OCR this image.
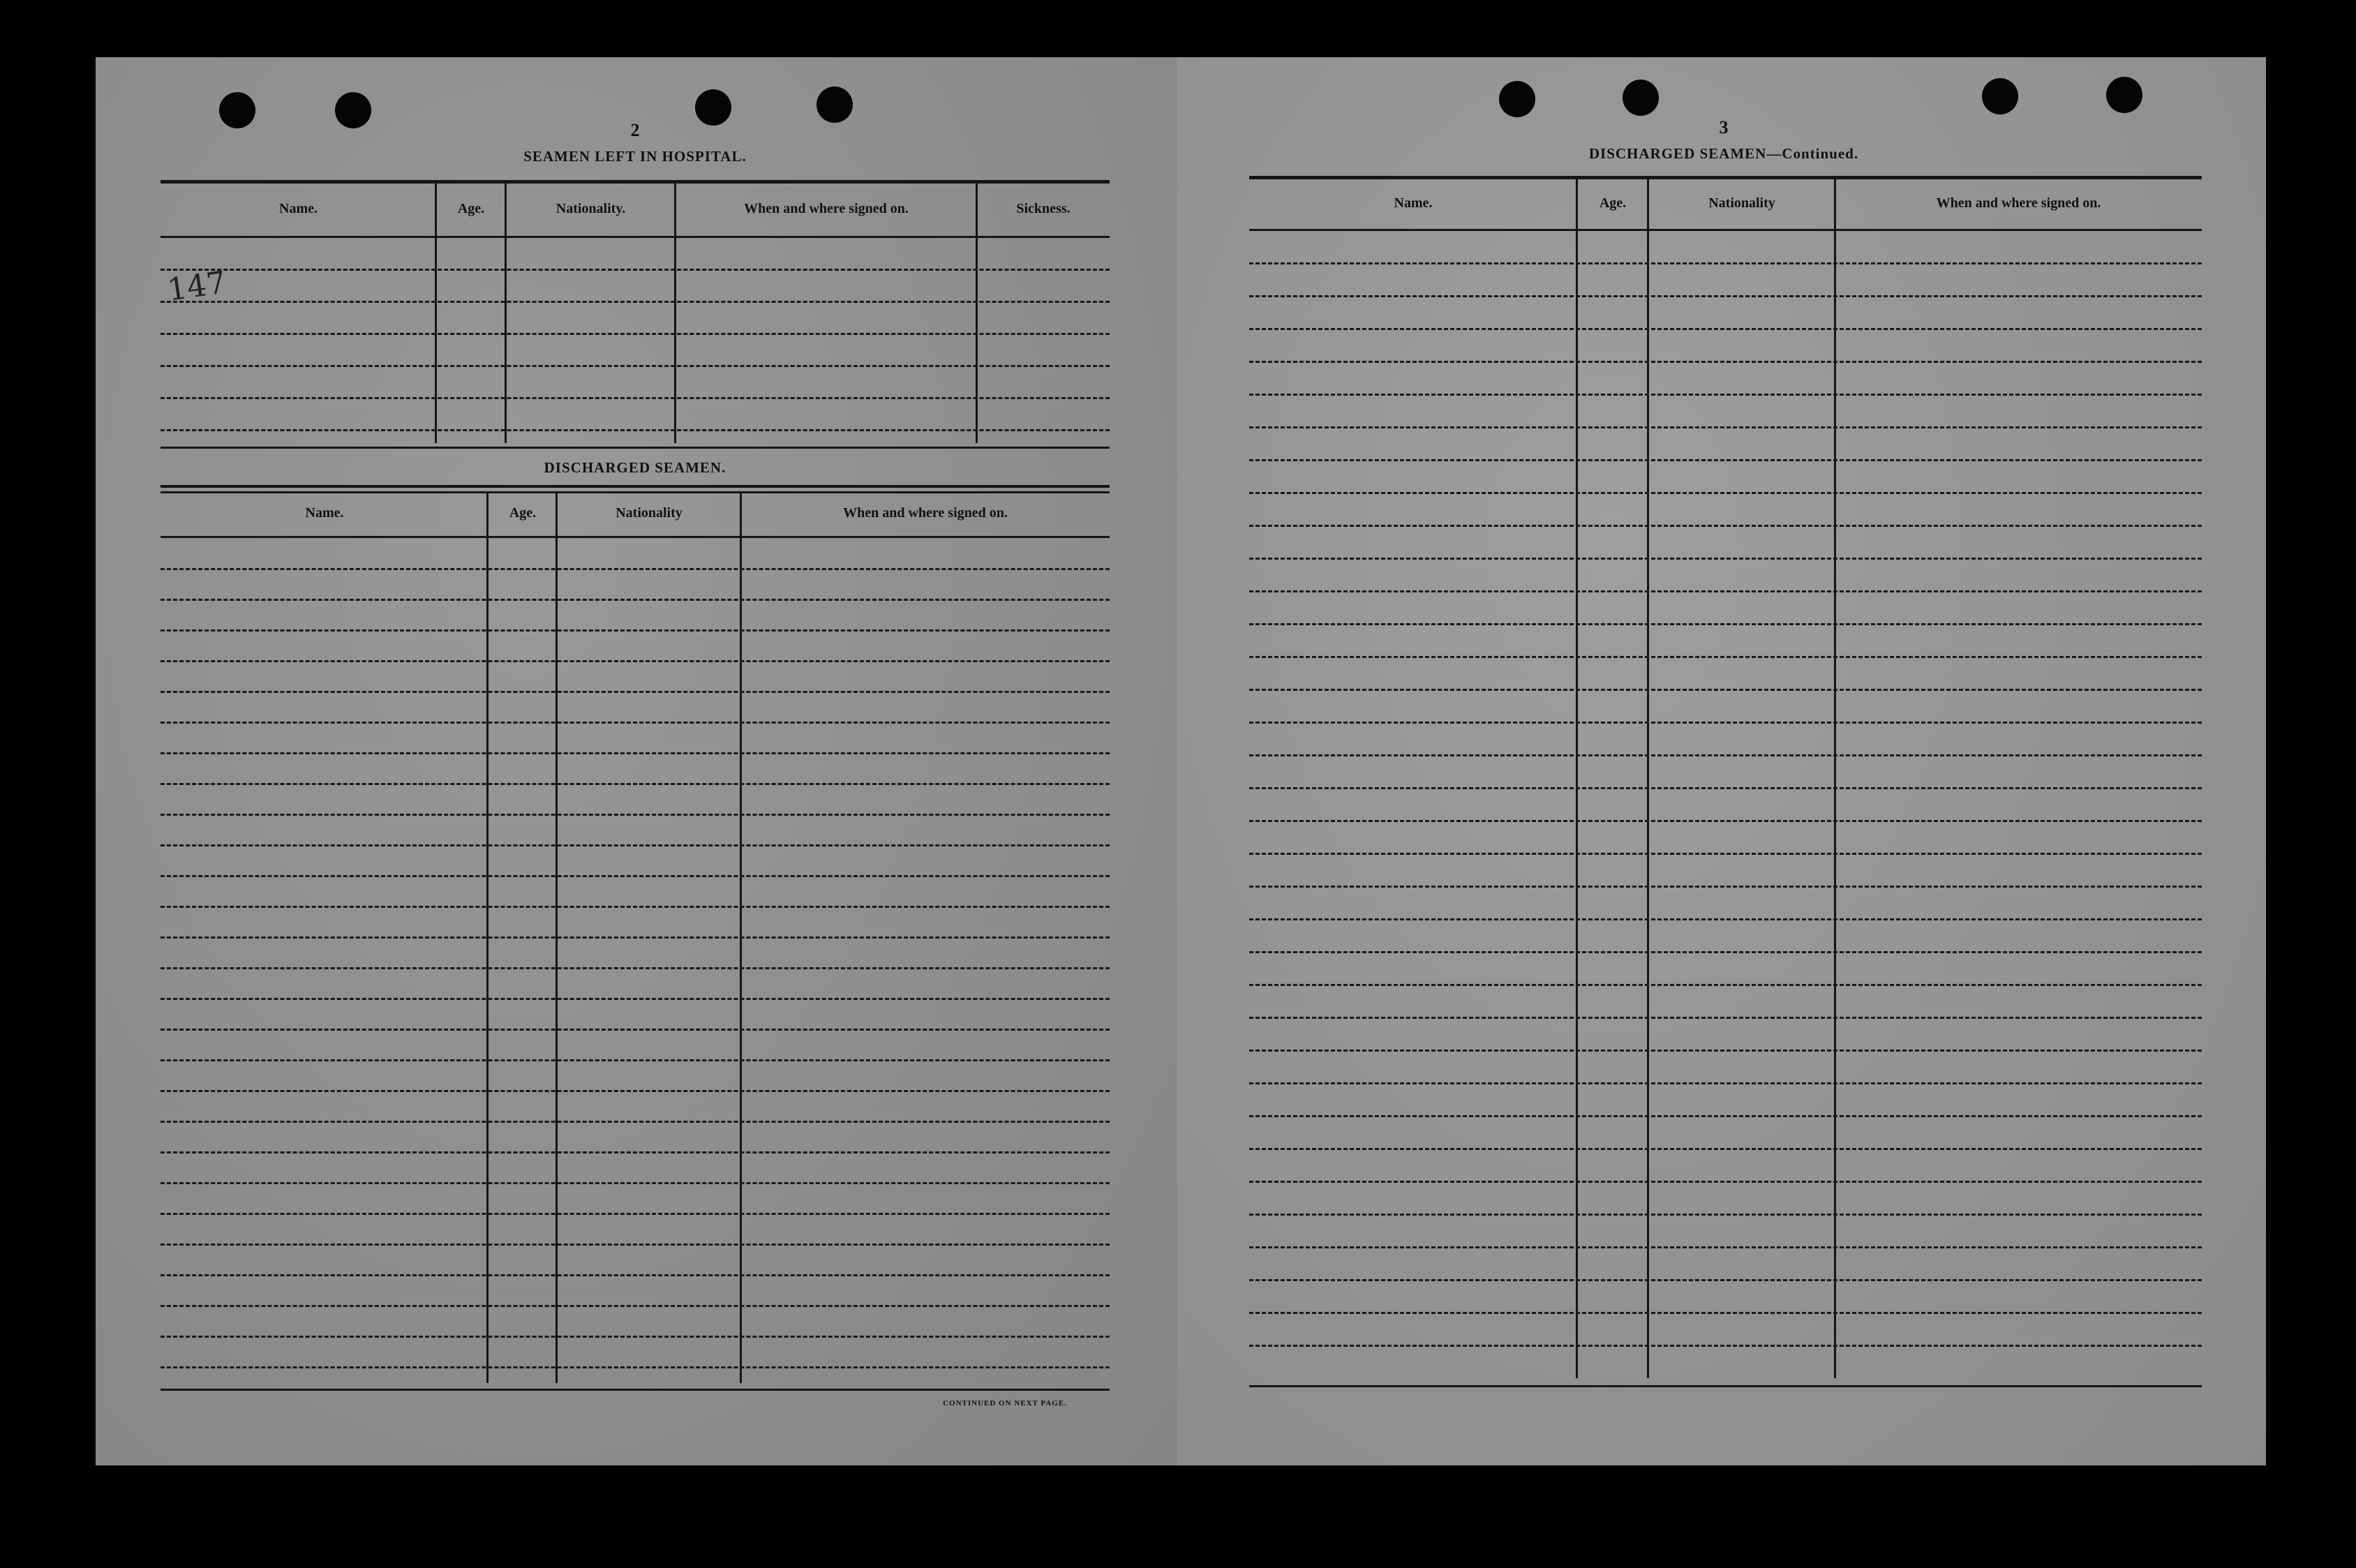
2
SEAMEN LEFT IN HOSPITAL.
Name.	Age.	Nationality.	When and where signed on.	Sickness.
147
DISCHARGED SEAMEN.
Name.	Age.	Nationality	When and where signed on.
CONTINUED ON NEXT PAGE.
3
DISCHARGED SEAMEN—Continued.
Name.	Age.	Nationality	When and where signed on.
